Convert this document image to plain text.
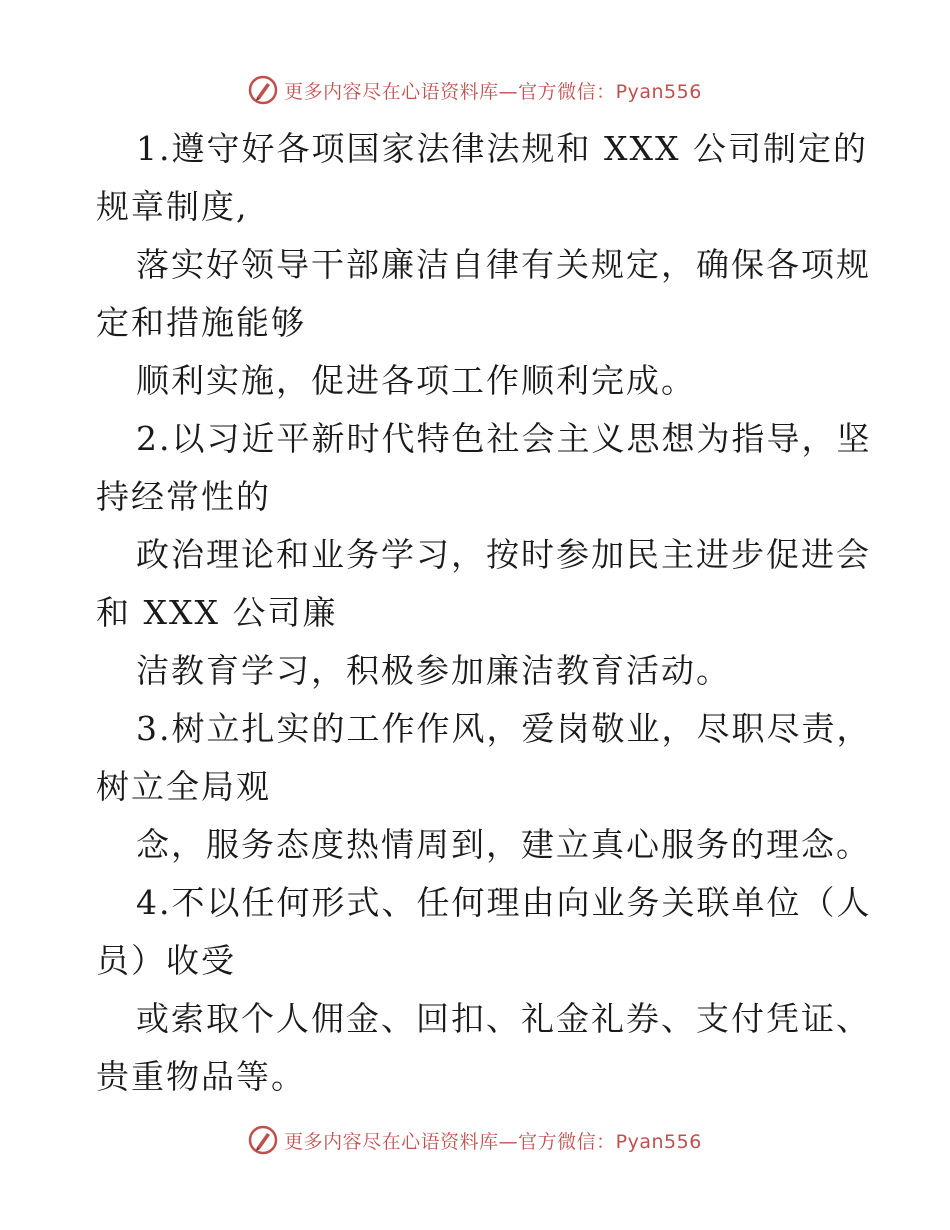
更多内容尽在心语资料库—官方微信：Pyan556
1.遵守好各项国家法律法规和 XXX 公司制定的
规章制度,
落实好领导干部廉洁自律有关规定，确保各项规
定和措施能够
顺利实施，促进各项工作顺利完成。
2.以习近平新时代特色社会主义思想为指导，坚
持经常性的
政治理论和业务学习，按时参加民主进步促进会
和 XXX 公司廉
洁教育学习，积极参加廉洁教育活动。
3.树立扎实的工作作风，爱岗敬业，尽职尽责，
树立全局观
念，服务态度热情周到，建立真心服务的理念。
4.不以任何形式、任何理由向业务关联单位（人
员）收受
或索取个人佣金、回扣、礼金礼券、支付凭证、
贵重物品等。
更多内容尽在心语资料库—官方微信：Pyan556
